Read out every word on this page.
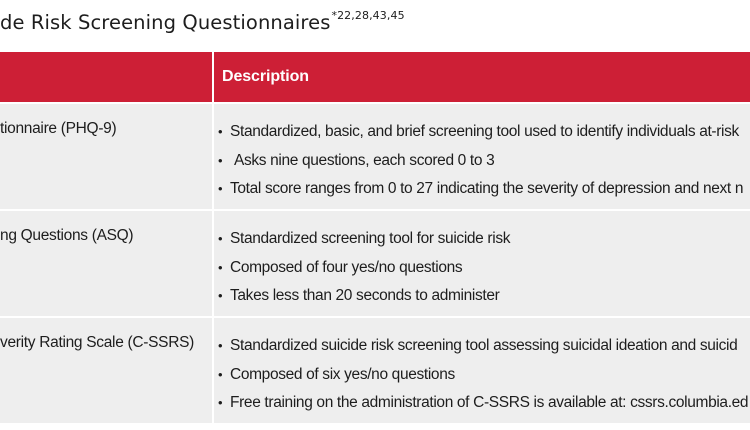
de Risk Screening Questionnaires$^{*22,28,43,45}$
Description
tionnaire (PHQ-9)	• Standardized, basic, and brief screening tool used to identify individuals at-risk
• Asks nine questions, each scored 0 to 3
• Total score ranges from 0 to 27 indicating the severity of depression and next n
ng Questions (ASQ)	• Standardized screening tool for suicide risk
• Composed of four yes/no questions
• Takes less than 20 seconds to administer
verity Rating Scale (C-SSRS) • Standardized suicide risk screening tool assessing suicidal ideation and suicid
• Composed of six yes/no questions
• Free training on the administration of C-SSRS is available at: cssrs.columbia.ed
